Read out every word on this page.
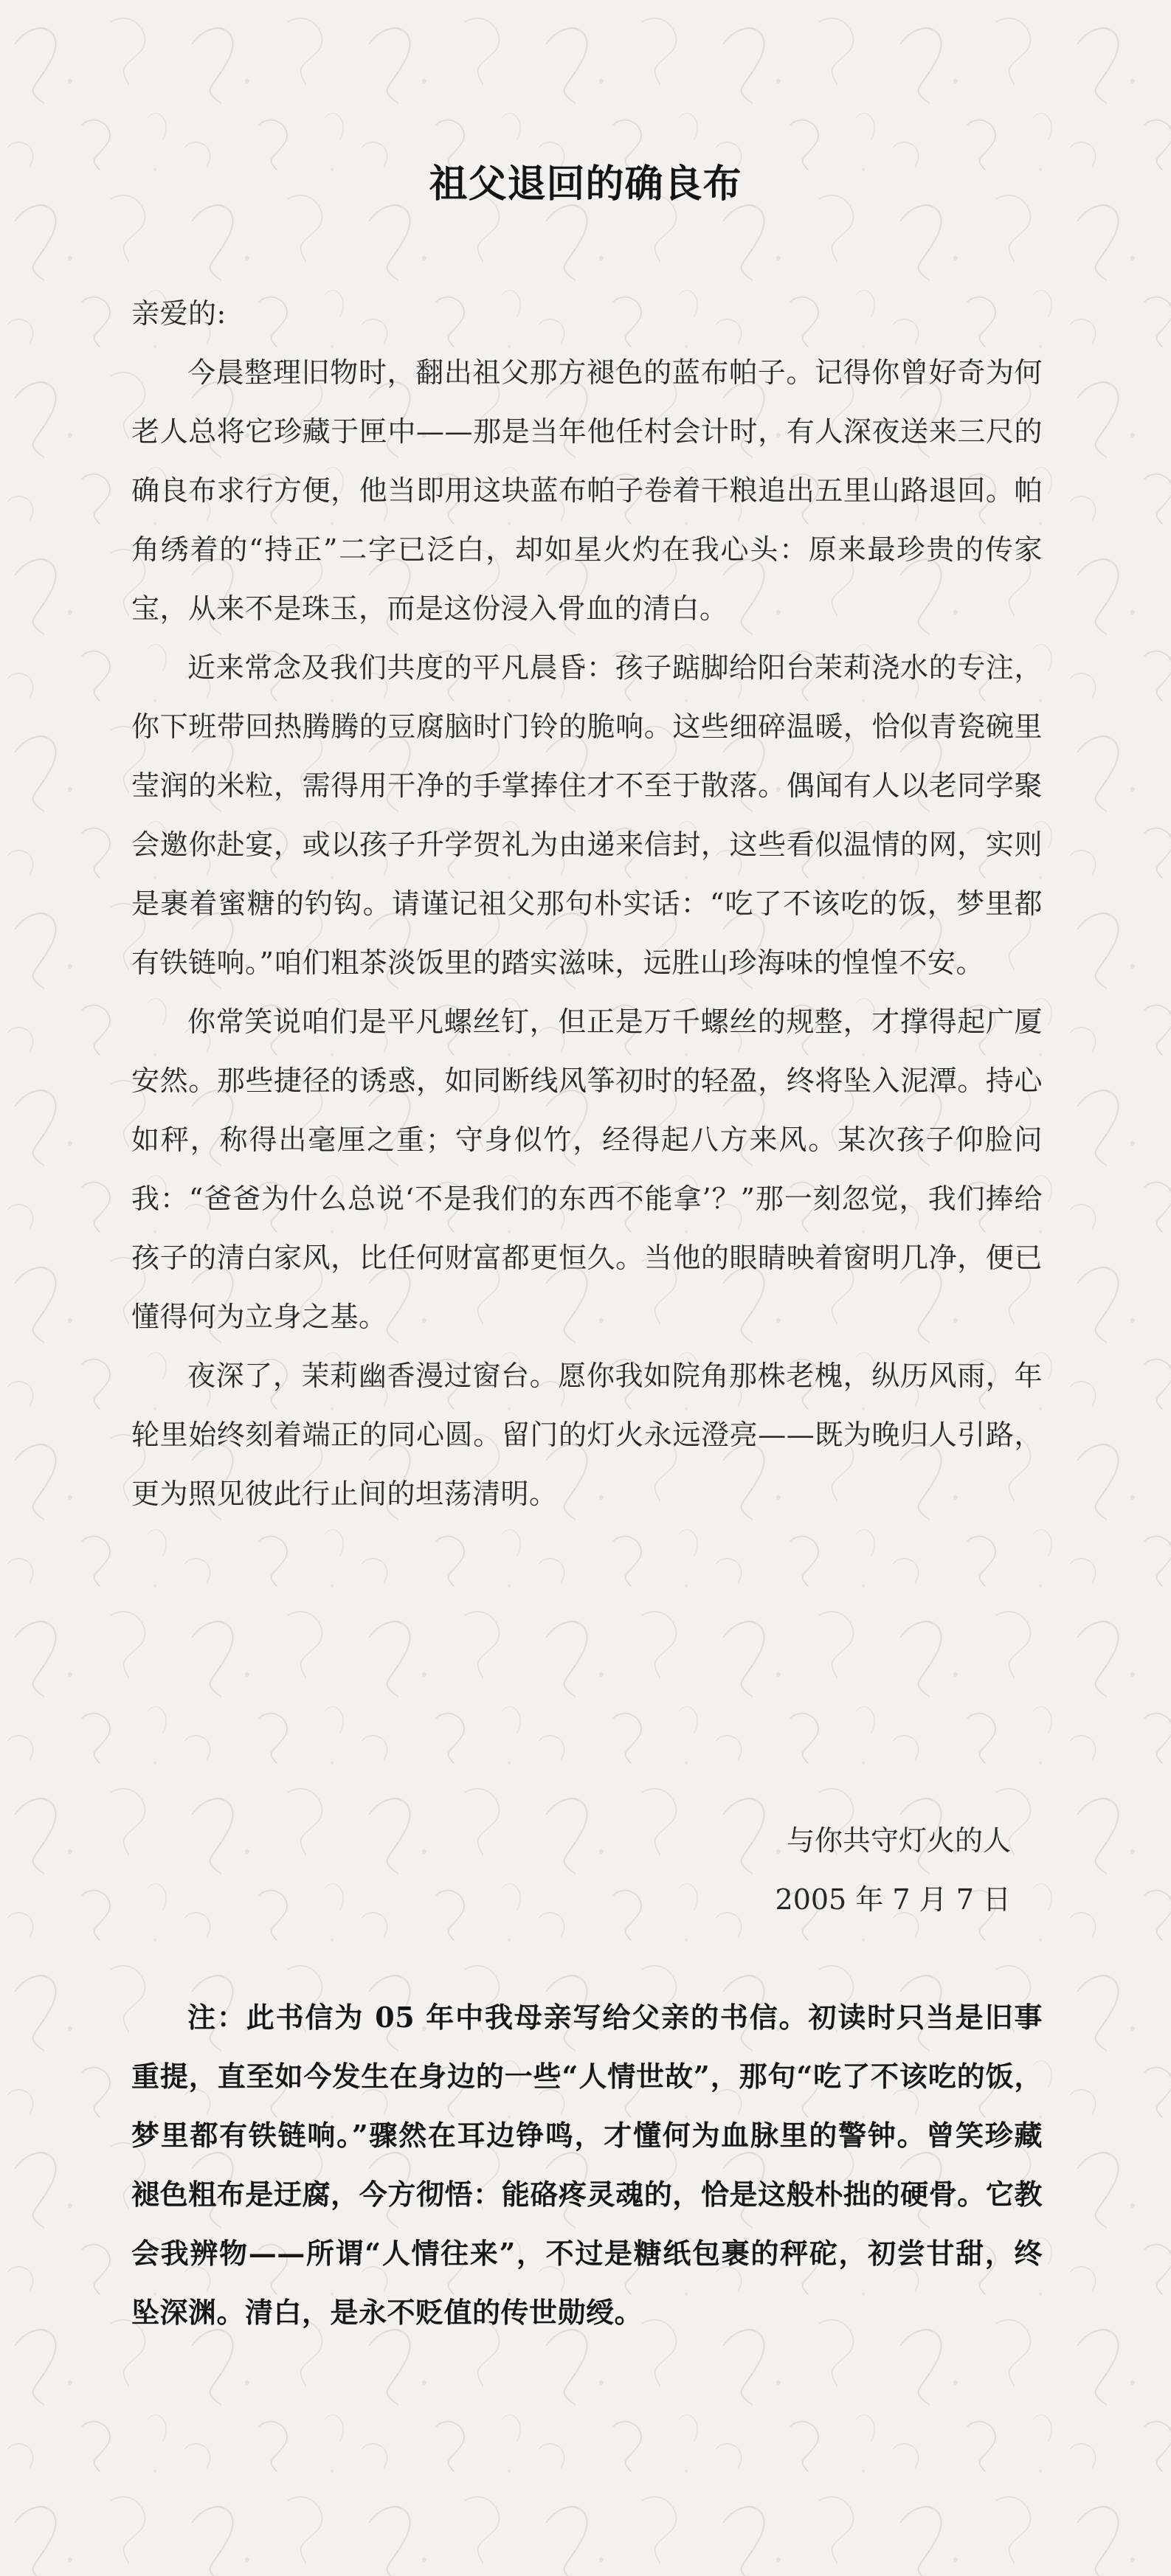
祖父退回的确良布

亲爱的:

今晨整理旧物时，翻出祖父那方褪色的蓝布帕子。记得你曾好奇为何老人总将它珍藏于匣中——那是当年他任村会计时，有人深夜送来三尺的确良布求行方便，他当即用这块蓝布帕子卷着干粮追出五里山路退回。帕角绣着的“持正”二字已泛白，却如星火灼在我心头：原来最珍贵的传家宝，从来不是珠玉，而是这份浸入骨血的清白。

近来常念及我们共度的平凡晨昏：孩子踮脚给阳台茉莉浇水的专注，你下班带回热腾腾的豆腐脑时门铃的脆响。这些细碎温暖，恰似青瓷碗里莹润的米粒，需得用干净的手掌捧住才不至于散落。偶闻有人以老同学聚会邀你赴宴，或以孩子升学贺礼为由递来信封，这些看似温情的网，实则是裹着蜜糖的钓钩。请谨记祖父那句朴实话：“吃了不该吃的饭，梦里都有铁链响。”咱们粗茶淡饭里的踏实滋味，远胜山珍海味的惶惶不安。

你常笑说咱们是平凡螺丝钉，但正是万千螺丝的规整，才撑得起广厦安然。那些捷径的诱惑，如同断线风筝初时的轻盈，终将坠入泥潭。持心如秤，称得出毫厘之重；守身似竹，经得起八方来风。某次孩子仰脸问我：“爸爸为什么总说‘不是我们的东西不能拿’？”那一刻忽觉，我们捧给孩子的清白家风，比任何财富都更恒久。当他的眼睛映着窗明几净，便已懂得何为立身之基。

夜深了，茉莉幽香漫过窗台。愿你我如院角那株老槐，纵历风雨，年轮里始终刻着端正的同心圆。留门的灯火永远澄亮——既为晚归人引路，更为照见彼此行止间的坦荡清明。

与你共守灯火的人
2005 年 7 月 7 日

注：此书信为 05 年中我母亲写给父亲的书信。初读时只当是旧事重提，直至如今发生在身边的一些“人情世故”，那句“吃了不该吃的饭，梦里都有铁链响。”骤然在耳边铮鸣，才懂何为血脉里的警钟。曾笑珍藏褪色粗布是迂腐，今方彻悟：能硌疼灵魂的，恰是这般朴拙的硬骨。它教会我辨物——所谓“人情往来”，不过是糖纸包裹的秤砣，初尝甘甜，终坠深渊。清白，是永不贬值的传世勋绶。
